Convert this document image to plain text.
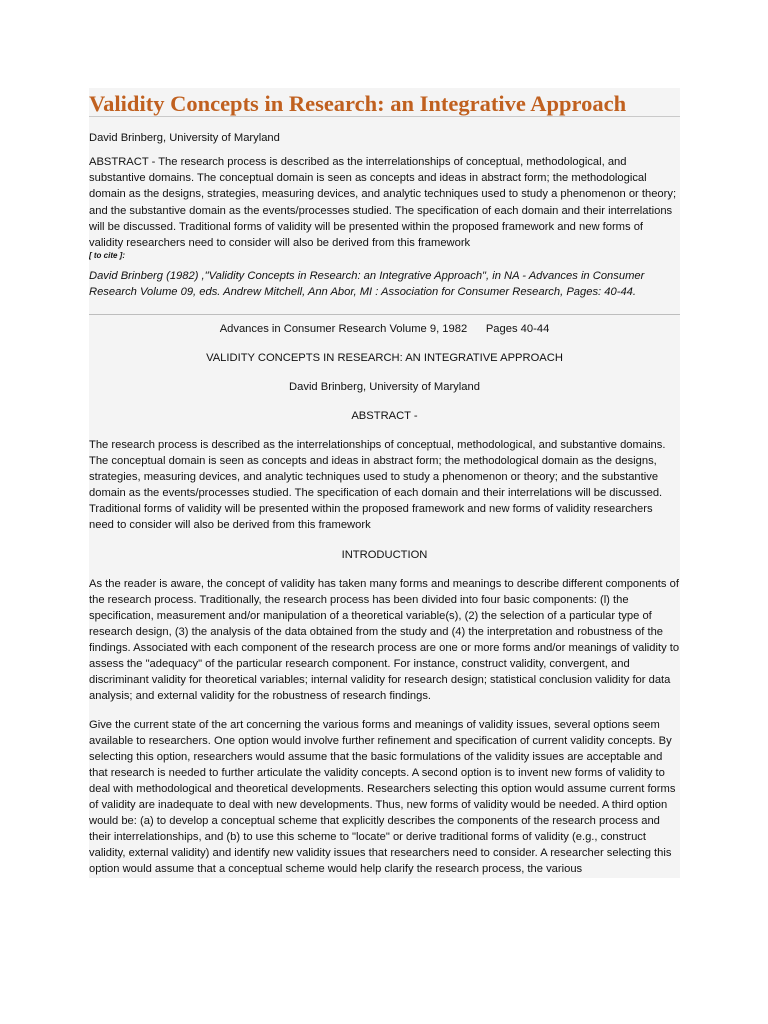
Validity Concepts in Research: an Integrative Approach

David Brinberg, University of Maryland

ABSTRACT - The research process is described as the interrelationships of conceptual, methodological, and substantive domains. The conceptual domain is seen as concepts and ideas in abstract form; the methodological domain as the designs, strategies, measuring devices, and analytic techniques used to study a phenomenon or theory; and the substantive domain as the events/processes studied. The specification of each domain and their interrelations will be discussed. Traditional forms of validity will be presented within the proposed framework and new forms of validity researchers need to consider will also be derived from this framework

[ to cite ]:

David Brinberg (1982) ,"Validity Concepts in Research: an Integrative Approach", in NA - Advances in Consumer Research Volume 09, eds. Andrew Mitchell, Ann Abor, MI : Association for Consumer Research, Pages: 40-44.

Advances in Consumer Research Volume 9, 1982      Pages 40-44

VALIDITY CONCEPTS IN RESEARCH: AN INTEGRATIVE APPROACH

David Brinberg, University of Maryland

ABSTRACT -

The research process is described as the interrelationships of conceptual, methodological, and substantive domains. The conceptual domain is seen as concepts and ideas in abstract form; the methodological domain as the designs, strategies, measuring devices, and analytic techniques used to study a phenomenon or theory; and the substantive domain as the events/processes studied. The specification of each domain and their interrelations will be discussed. Traditional forms of validity will be presented within the proposed framework and new forms of validity researchers need to consider will also be derived from this framework

INTRODUCTION

As the reader is aware, the concept of validity has taken many forms and meanings to describe different components of the research process. Traditionally, the research process has been divided into four basic components: (l) the specification, measurement and/or manipulation of a theoretical variable(s), (2) the selection of a particular type of research design, (3) the analysis of the data obtained from the study and (4) the interpretation and robustness of the findings. Associated with each component of the research process are one or more forms and/or meanings of validity to assess the "adequacy" of the particular research component. For instance, construct validity, convergent, and discriminant validity for theoretical variables; internal validity for research design; statistical conclusion validity for data analysis; and external validity for the robustness of research findings.

Give the current state of the art concerning the various forms and meanings of validity issues, several options seem available to researchers. One option would involve further refinement and specification of current validity concepts. By selecting this option, researchers would assume that the basic formulations of the validity issues are acceptable and that research is needed to further articulate the validity concepts. A second option is to invent new forms of validity to deal with methodological and theoretical developments. Researchers selecting this option would assume current forms of validity are inadequate to deal with new developments. Thus, new forms of validity would be needed. A third option would be: (a) to develop a conceptual scheme that explicitly describes the components of the research process and their interrelationships, and (b) to use this scheme to "locate" or derive traditional forms of validity (e.g., construct validity, external validity) and identify new validity issues that researchers need to consider. A researcher selecting this option would assume that a conceptual scheme would help clarify the research process, the various
